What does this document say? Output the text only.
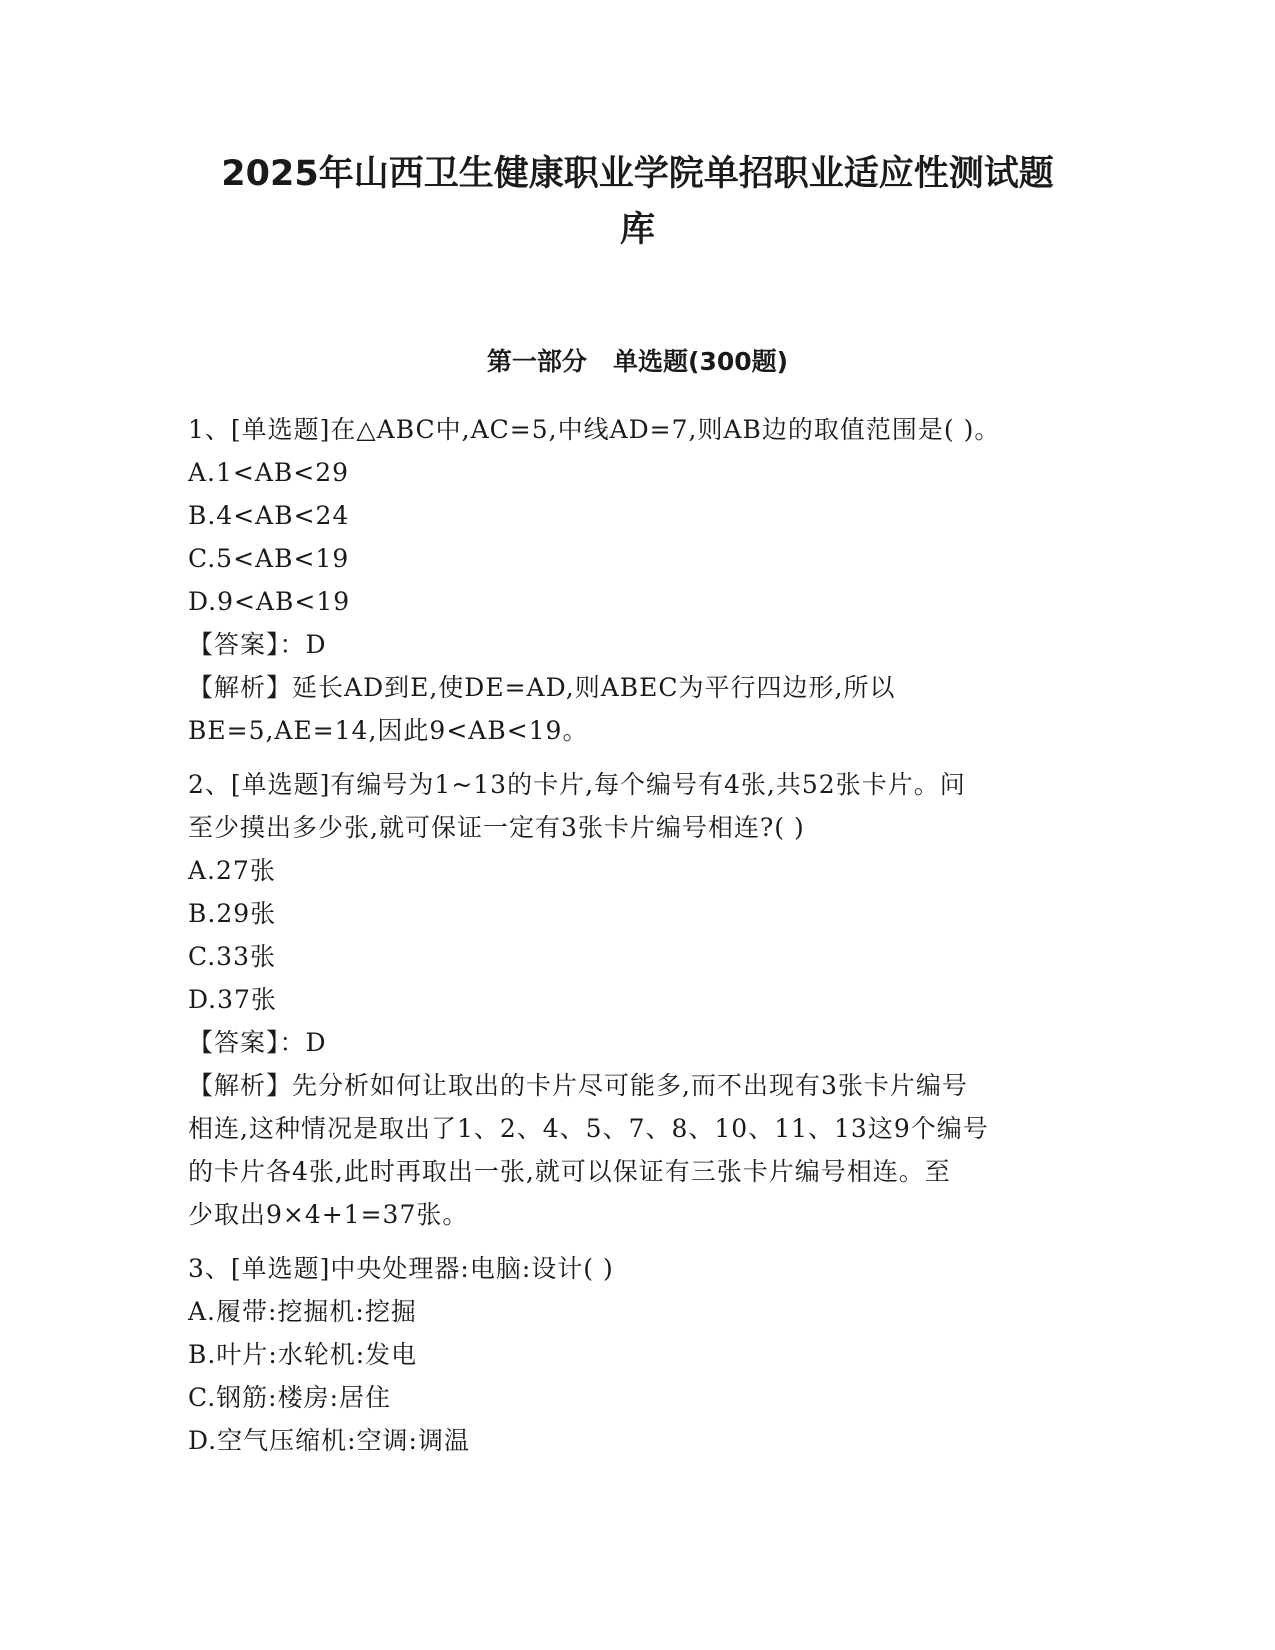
2025年山西卫生健康职业学院单招职业适应性测试题
库
第一部分   单选题(300题)
1、[单选题]在△ABC中,AC=5,中线AD=7,则AB边的取值范围是( )。
A.1<AB<29
B.4<AB<24
C.5<AB<19
D.9<AB<19
【答案】：D
【解析】延长AD到E,使DE=AD,则ABEC为平行四边形,所以
BE=5,AE=14,因此9<AB<19。
2、[单选题]有编号为1~13的卡片,每个编号有4张,共52张卡片。问
至少摸出多少张,就可保证一定有3张卡片编号相连?( )
A.27张
B.29张
C.33张
D.37张
【答案】：D
【解析】先分析如何让取出的卡片尽可能多,而不出现有3张卡片编号
相连,这种情况是取出了1、2、4、5、7、8、10、11、13这9个编号
的卡片各4张,此时再取出一张,就可以保证有三张卡片编号相连。至
少取出9×4+1=37张。
3、[单选题]中央处理器:电脑:设计( )
A.履带:挖掘机:挖掘
B.叶片:水轮机:发电
C.钢筋:楼房:居住
D.空气压缩机:空调:调温
